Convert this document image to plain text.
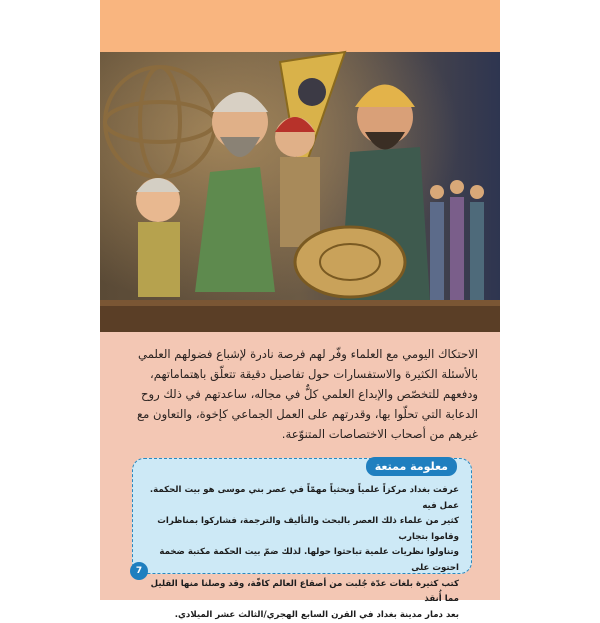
الاحتكاك اليومي مع العلماء وفّر لهم فرصة نادرة لإشباع فضولهم العلمي
بالأسئلة الكثيرة والاستفسارات حول تفاصيل دقيقة تتعلّق باهتماماتهم،
ودفعهم للتخصّص والإبداع العلمي كلٌّ في مجاله، ساعدتهم في ذلك روح
الدعابة التي تحلّوا بها، وقدرتهم على العمل الجماعي كإخوة، والتعاون مع
غيرهم من أصحاب الاختصاصات المتنوّعة.
معلومة ممتعة
عرفت بغداد مركزاً علمياً وبحثياً مهمّاً في عصر بني موسى هو بيت الحكمة. عمل فيه
كثير من علماء ذلك العصر بالبحث والتأليف والترجمة، فشاركوا بمناظرات وقاموا بتجارب
وتناولوا نظريات علمية تباحثوا حولها. لذلك ضمّ بيت الحكمة مكتبة ضخمة احتوت على
كتب كثيرة بلغات عدّة جُلبت من أصقاع العالم كافّة، وقد وصلنا منها القليل مما أُنقذ
بعد دمار مدينة بغداد في القرن السابع الهجري/الثالث عشر الميلادي.
7
